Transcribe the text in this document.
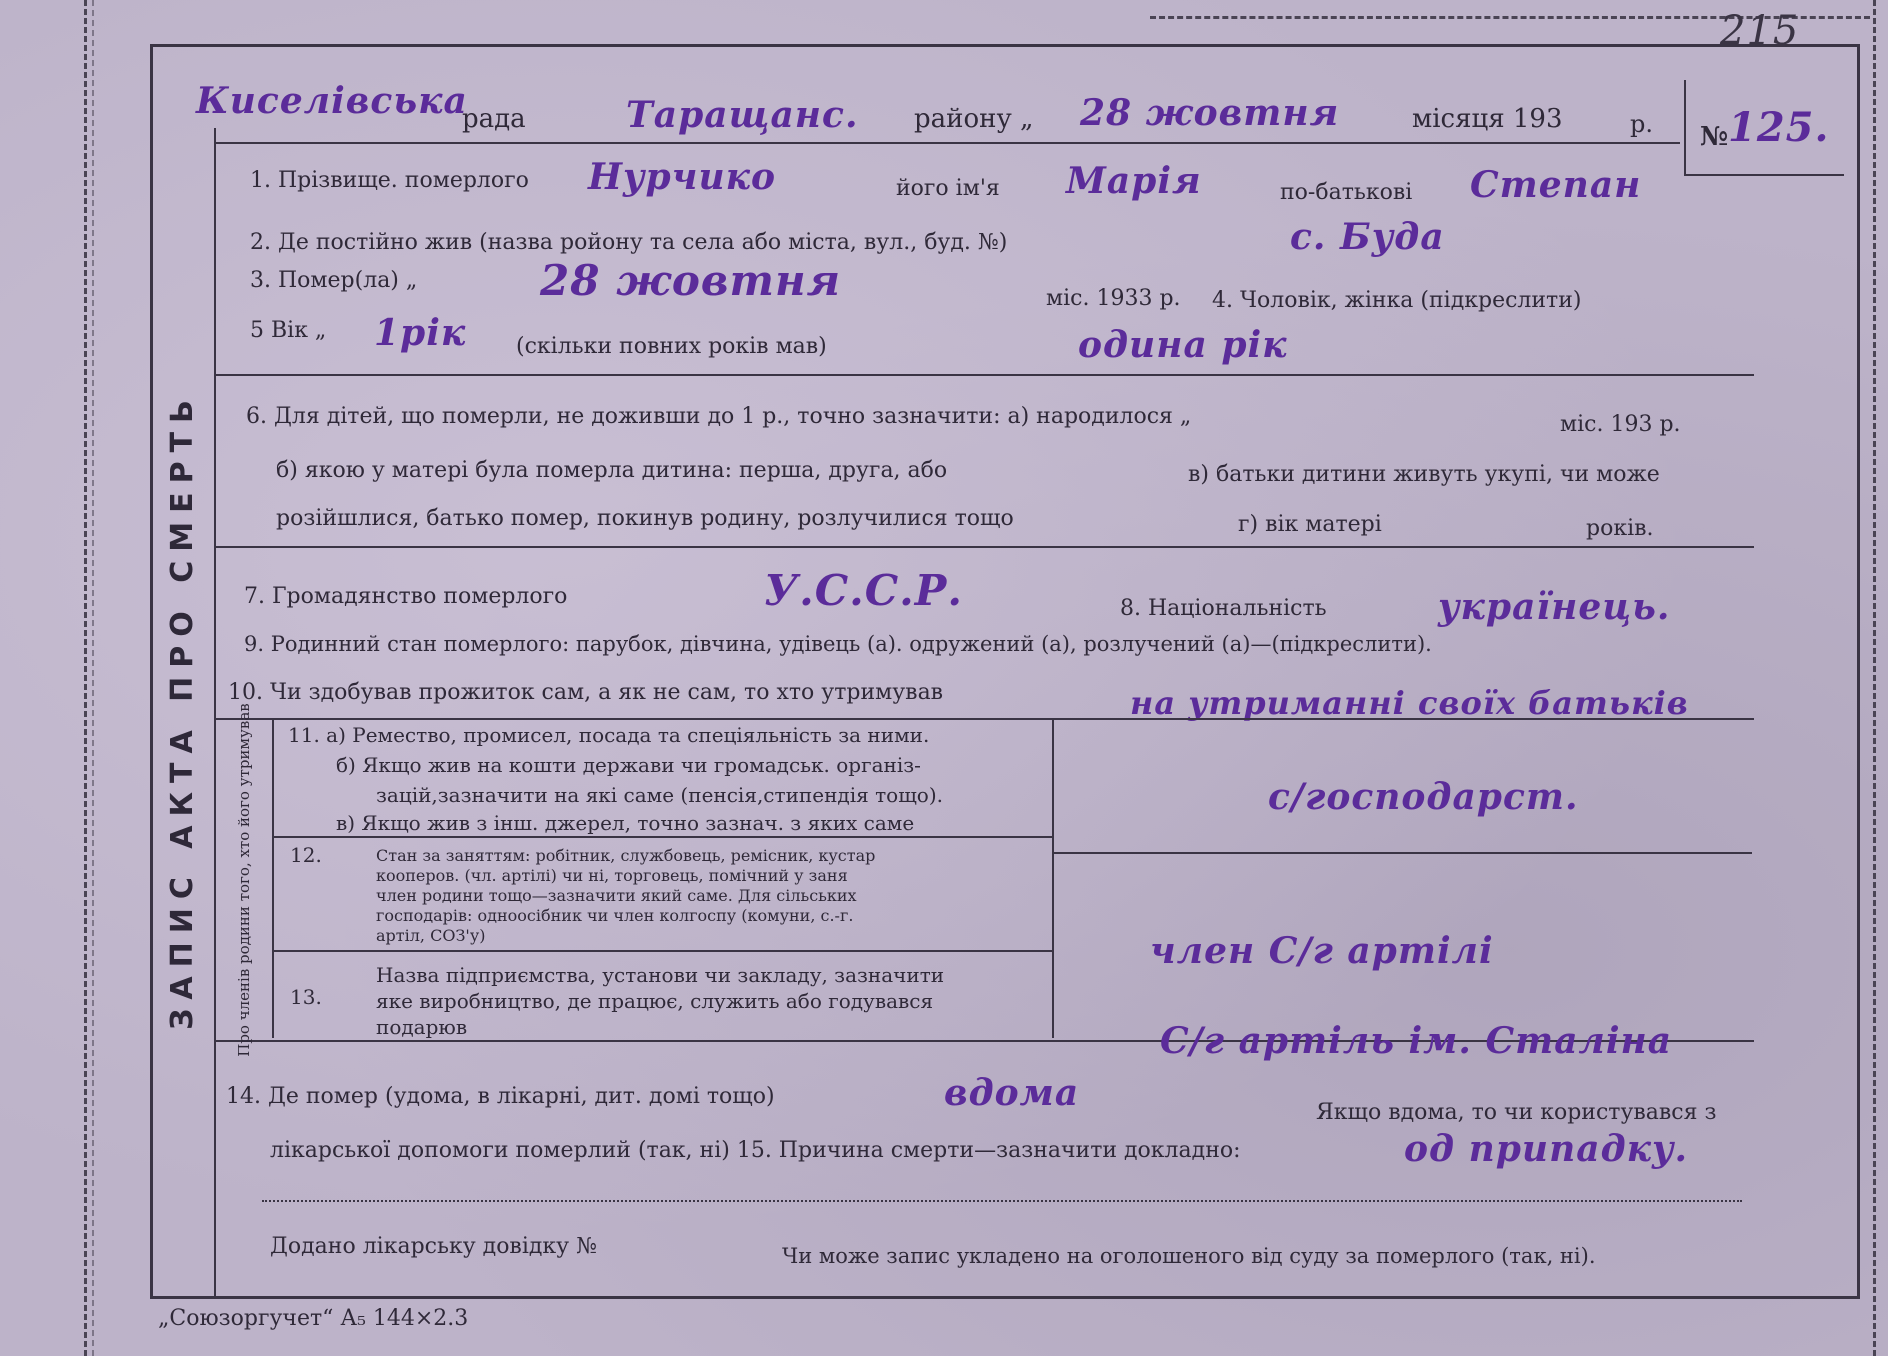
215
ЗАПИС АКТА ПРО СМЕРТЬ
Киселівська
рада	Таращанс. району „ 28 жовтня	місяця 193	р. № 125.
1. Прізвище. померлого Нурчико	його ім'я Марія	по-батькові Степан
2. Де постійно жив (назва ройону та села або міста, вул., буд. №)	с. Буда
3. Помер(ла) „	28 жовтня	міс. 1933 р. 4. Чоловік, жінка (підкреслити)
5 Вік „ 1рік (скільки повних років мав)	одина рік
6. Для дітей, що померли, не доживши до 1 р., точно зазначити: а) народилося „	міс. 193 р.
б) якою у матері була померла дитина: перша, друга, або	в) батьки дитини живуть укупі, чи може
розійшлися, батько помер, покинув родину, розлучилися тощо	г) вік матері	років.
7. Громадянство померлого	У.С.С.Р.	8. Національність	українець.
9. Родинний стан померлого: парубок, дівчина, удівець (а). одружений (а), розлучений (а)—(підкреслити).
10. Чи здобував прожиток сам, а як не сам, то хто утримував	на утриманні своїх батьків
Про членів родини того, хто його утримував 11. а) Ремество, промисел, посада та спеціяльність за ними.
б) Якщо жив на кошти держави чи громадськ. організ-
зацій,зазначити на які саме (пенсія,стипендія тощо).
в) Якщо жив з інш. джерел, точно зазнач. з яких саме
с/господарст.
12.	Стан за заняттям: робітник, службовець, ремісник, кустар
кооперов. (чл. артілі) чи ні, торговець, помічний у заня
член родини тощо—зазначити який саме. Для сільських
господарів: одноосібник чи член колгоспу (комуни, с.-г.
артіл, СОЗ'у)	член С/г артілі
13.
Назва підприємства, установи чи закладу, зазначити
яке виробництво, де працює, служить або годувався
подарюв	С/г артіль ім. Сталіна
14. Де помер (удома, в лікарні, дит. домі тощо)	вдома	Якщо вдома, то чи користувався з
лікарської допомоги померлий (так, ні) 15. Причина смерти—зазначити докладно:	од припадку.
Додано лікарську довідку №	Чи може запис укладено на оголошеного від суду за померлого (так, ні).
„Союзоргучет“ А₅ 144×2.3
